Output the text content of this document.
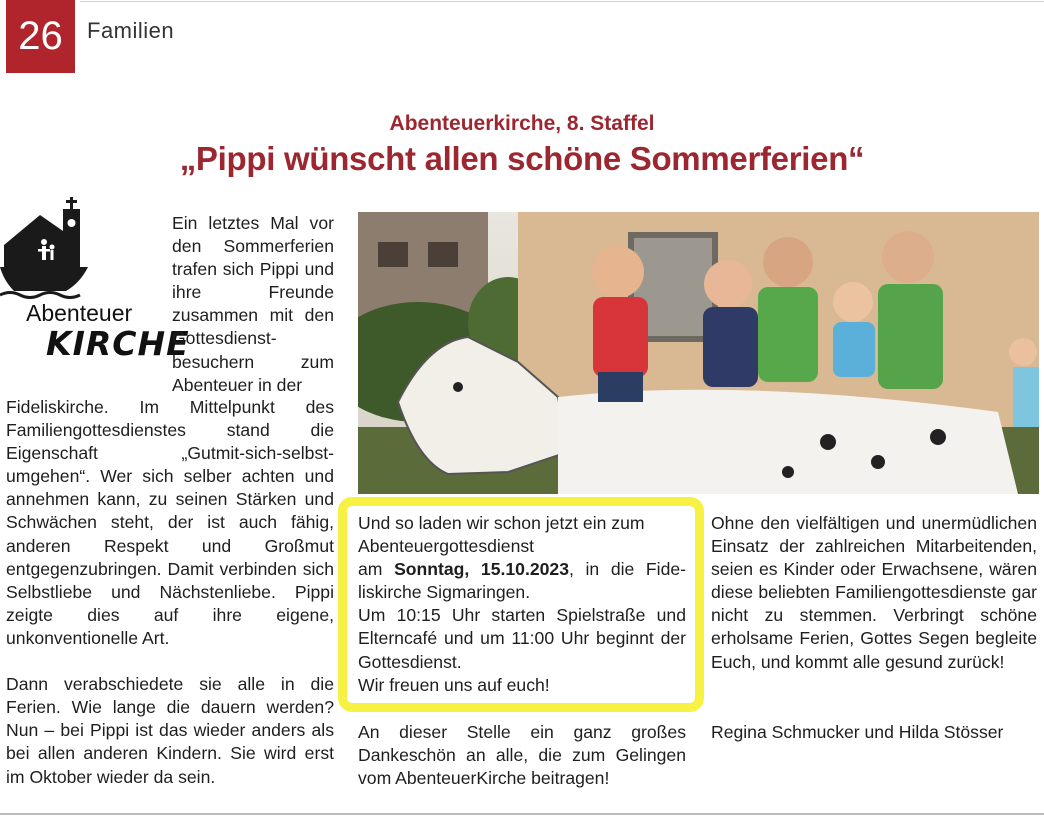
26	Familien
Abenteuerkirche, 8. Staffel
„Pippi wünscht allen schöne Sommerferien“
Abenteuer
KIRCHE

Ein letztes Mal vor den Sommerferien trafen sich Pippi und ihre Freunde zusammen mit den Gottesdienstbesuchern zum Abenteuer in der

Fideliskirche. Im Mittelpunkt des Familiengottesdienstes stand die Eigenschaft „Gutmit-sich-selbst-umgehen“. Wer sich selber achten und annehmen kann, zu seinen Stärken und Schwächen steht, der ist auch fähig, anderen Respekt und Großmut entgegenzubringen. Damit verbinden sich Selbstliebe und Nächstenliebe. Pippi zeigte dies auf ihre eigene, unkonventionelle Art.

Dann verabschiedete sie alle in die Ferien. Wie lange die dauern werden? Nun – bei Pippi ist das wieder anders als bei allen anderen Kindern. Sie wird erst im Oktober wieder da sein.

Und so laden wir schon jetzt ein zum Abenteuergottesdienst

am Sonntag, 15.10.2023, in die Fideliskirche Sigmaringen.

Um 10:15 Uhr starten Spielstraße und Elterncafé und um 11:00 Uhr beginnt der Gottesdienst.

Wir freuen uns auf euch!

An dieser Stelle ein ganz großes Dankeschön an alle, die zum Gelingen vom AbenteuerKirche beitragen!

Ohne den vielfältigen und unermüdlichen Einsatz der zahlreichen Mitarbeitenden, seien es Kinder oder Erwachsene, wären diese beliebten Familiengottesdienste gar nicht zu stemmen. Verbringt schöne erholsame Ferien, Gottes Segen begleite Euch, und kommt alle gesund zurück!

Regina Schmucker und Hilda Stösser
